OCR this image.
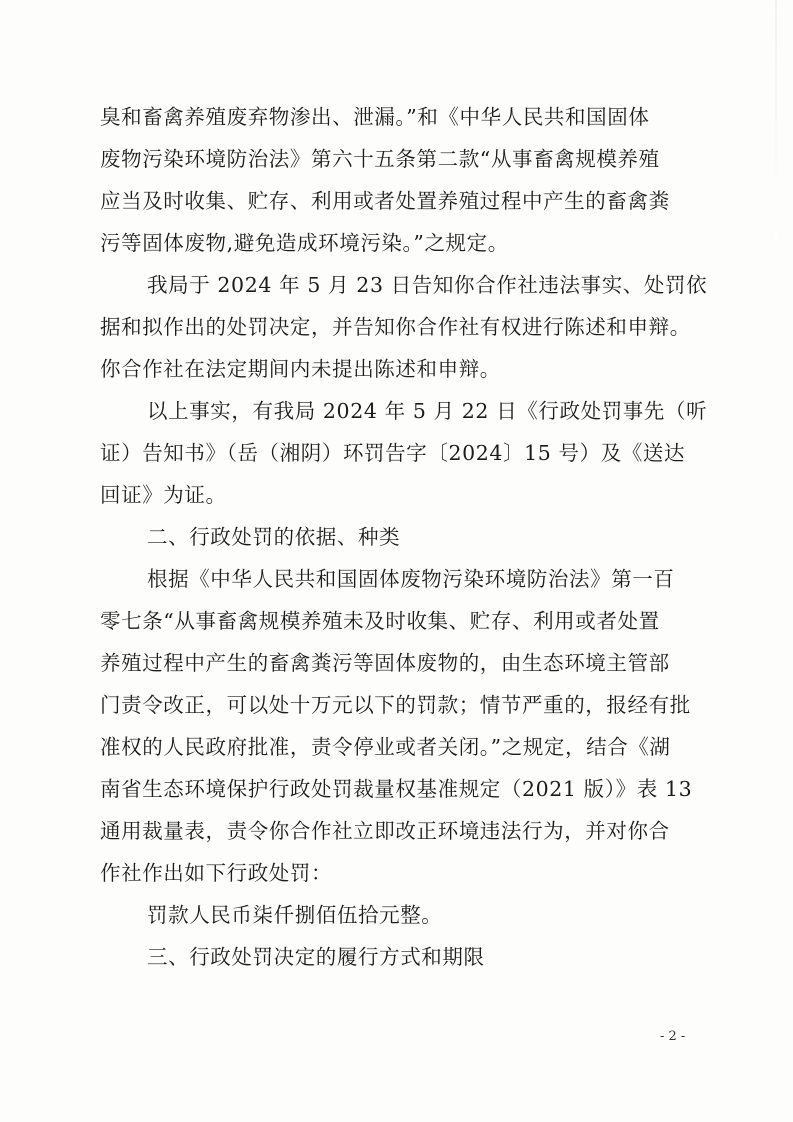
臭和畜禽养殖废弃物渗出、泄漏。”和《中华人民共和国固体
废物污染环境防治法》第六十五条第二款“从事畜禽规模养殖
应当及时收集、贮存、利用或者处置养殖过程中产生的畜禽粪
污等固体废物,避免造成环境污染。”之规定。
我局于 2024 年 5 月 23 日告知你合作社违法事实、处罚依
据和拟作出的处罚决定，并告知你合作社有权进行陈述和申辩。
你合作社在法定期间内未提出陈述和申辩。
以上事实，有我局 2024 年 5 月 22 日《行政处罚事先（听
证）告知书》（岳（湘阴）环罚告字〔2024〕15 号）及《送达
回证》为证。
二、行政处罚的依据、种类
根据《中华人民共和国固体废物污染环境防治法》第一百
零七条“从事畜禽规模养殖未及时收集、贮存、利用或者处置
养殖过程中产生的畜禽粪污等固体废物的，由生态环境主管部
门责令改正，可以处十万元以下的罚款；情节严重的，报经有批
准权的人民政府批准，责令停业或者关闭。”之规定，结合《湖
南省生态环境保护行政处罚裁量权基准规定（2021 版）》表 13
通用裁量表，责令你合作社立即改正环境违法行为，并对你合
作社作出如下行政处罚：
罚款人民币柒仟捌佰伍拾元整。
三、行政处罚决定的履行方式和期限
- 2 -
